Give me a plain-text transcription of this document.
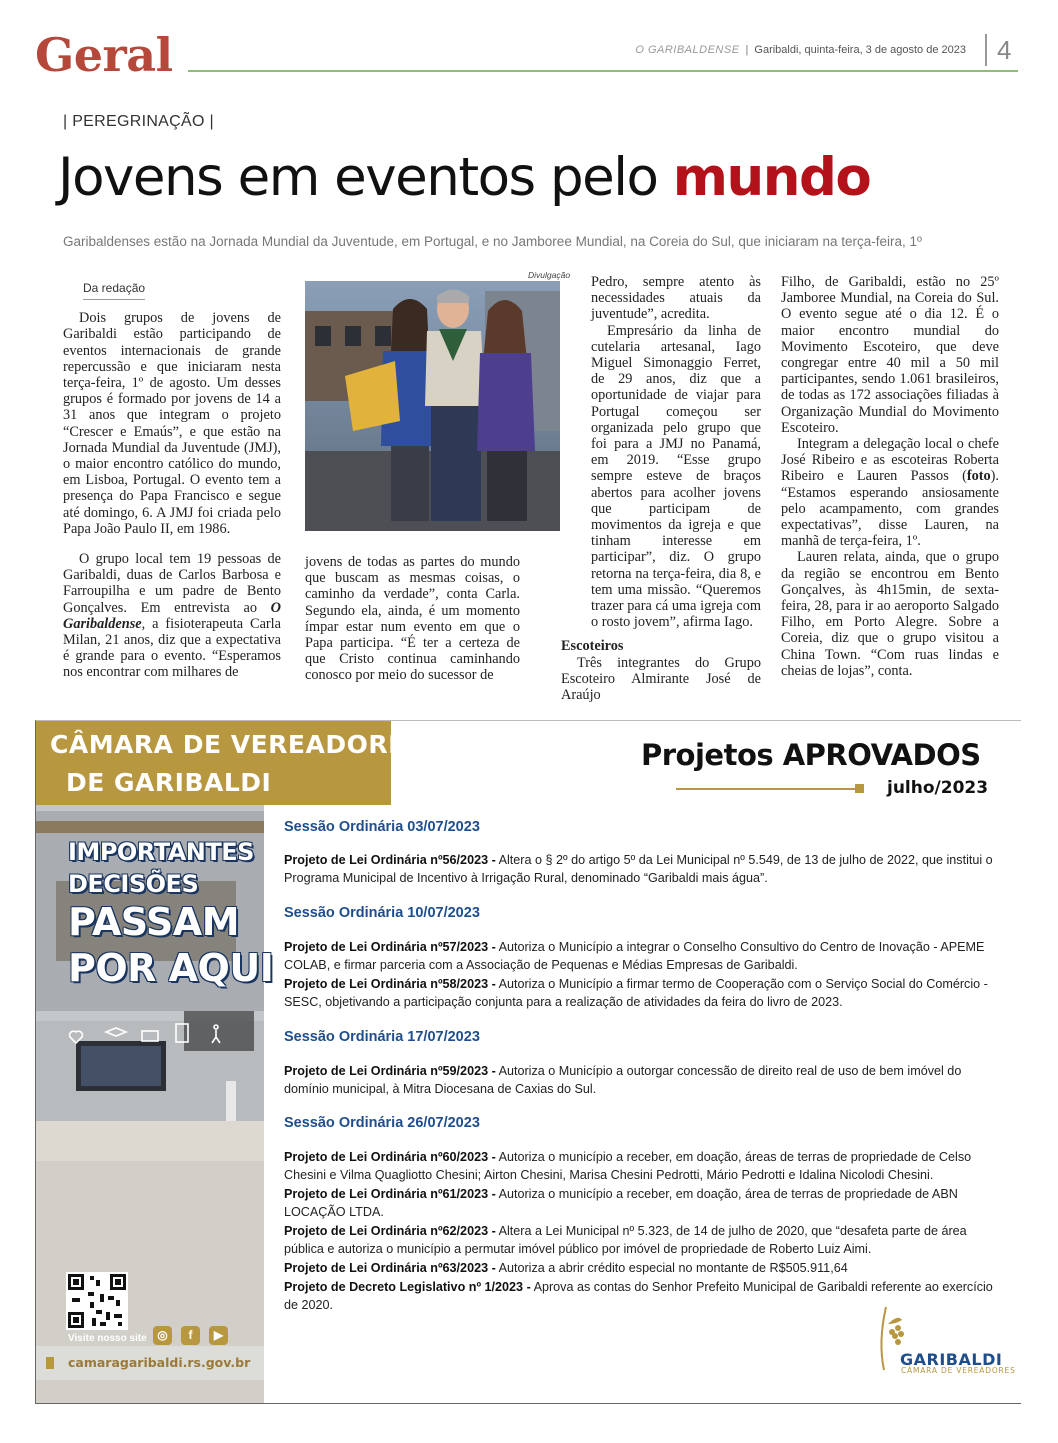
Geral	O GARIBALDENSE | Garibaldi, quinta-feira, 3 de agosto de 2023	4
| PEREGRINAÇÃO |
Jovens em eventos pelo mundo
Garibaldenses estão na Jornada Mundial da Juventude, em Portugal, e no Jamboree Mundial, na Coreia do Sul, que iniciaram na terça-feira, 1º
Da redação

Dois grupos de jovens de Garibaldi estão participando de eventos internacionais de grande repercussão e que iniciaram nesta terça-feira, 1º de agosto. Um desses grupos é formado por jovens de 14 a 31 anos que integram o projeto “Crescer e Emaús”, e que estão na Jornada Mundial da Juventude (JMJ), o maior encontro católico do mundo, em Lisboa, Portugal. O evento tem a presença do Papa Francisco e segue até domingo, 6. A JMJ foi criada pelo Papa João Paulo II, em 1986.

O grupo local tem 19 pessoas de Garibaldi, duas de Carlos Barbosa e Farroupilha e um padre de Bento Gonçalves. Em entrevista ao O Garibaldense, a fisioterapeuta Carla Milan, 21 anos, diz que a expectativa é grande para o evento. “Esperamos nos encontrar com milhares de

Divulgação

jovens de todas as partes do mundo que buscam as mesmas coisas, o caminho da verdade”, conta Carla. Segundo ela, ainda, é um momento ímpar estar num evento em que o Papa participa. “É ter a certeza de que Cristo continua caminhando conosco por meio do sucessor de

Pedro, sempre atento às necessidades atuais da juventude”, acredita.

Empresário da linha de cutelaria artesanal, Iago Miguel Simonaggio Ferret, de 29 anos, diz que a oportunidade de viajar para Portugal começou ser organizada pelo grupo que foi para a JMJ no Panamá, em 2019. “Esse grupo sempre esteve de braços abertos para acolher jovens que participam de movimentos da igreja e que tinham interesse em participar”, diz. O grupo retorna na terça-feira, dia 8, e tem uma missão. “Queremos trazer para cá uma igreja com o rosto jovem”, afirma Iago.

Escoteiros

Três integrantes do Grupo Escoteiro Almirante José de Araújo

Filho, de Garibaldi, estão no 25º Jamboree Mundial, na Coreia do Sul. O evento segue até o dia 12. É o maior encontro mundial do Movimento Escoteiro, que deve congregar entre 40 mil a 50 mil participantes, sendo 1.061 brasileiros, de todas as 172 associações filiadas à Organização Mundial do Movimento Escoteiro.

Integram a delegação local o chefe José Ribeiro e as escoteiras Roberta Ribeiro e Lauren Passos (foto). “Estamos esperando ansiosamente pelo acampamento, com grandes expectativas”, disse Lauren, na manhã de terça-feira, 1º.

Lauren relata, ainda, que o grupo da região se encontrou em Bento Gonçalves, às 4h15min, de sexta-feira, 28, para ir ao aeroporto Salgado Filho, em Porto Alegre. Sobre a Coreia, diz que o grupo visitou a China Town. “Com ruas lindas e cheias de lojas”, conta.

CÂMARA DE VEREADORES
DE GARIBALDI
IMPORTANTES
DECISÕES
PASSAM
POR AQUI
Visite nosso site ◎	f	▶
camaragaribaldi.rs.gov.br
Projetos APROVADOS
julho/2023
Sessão Ordinária 03/07/2023
Projeto de Lei Ordinária nº56/2023 - Altera o § 2º do artigo 5º da Lei Municipal nº 5.549, de 13 de julho de 2022, que institui o Programa Municipal de Incentivo à Irrigação Rural, denominado “Garibaldi mais água”.
Sessão Ordinária 10/07/2023
Projeto de Lei Ordinária nº57/2023 - Autoriza o Município a integrar o Conselho Consultivo do Centro de Inovação - APEME COLAB, e firmar parceria com a Associação de Pequenas e Médias Empresas de Garibaldi.
Projeto de Lei Ordinária nº58/2023 - Autoriza o Município a firmar termo de Cooperação com o Serviço Social do Comércio - SESC, objetivando a participação conjunta para a realização de atividades da feira do livro de 2023.
Sessão Ordinária 17/07/2023
Projeto de Lei Ordinária nº59/2023 - Autoriza o Município a outorgar concessão de direito real de uso de bem imóvel do domínio municipal, à Mitra Diocesana de Caxias do Sul.
Sessão Ordinária 26/07/2023
Projeto de Lei Ordinária nº60/2023 - Autoriza o município a receber, em doação, áreas de terras de propriedade de Celso Chesini e Vilma Quagliotto Chesini; Airton Chesini, Marisa Chesini Pedrotti, Mário Pedrotti e Idalina Nicolodi Chesini.
Projeto de Lei Ordinária nº61/2023 - Autoriza o município a receber, em doação, área de terras de propriedade de ABN LOCAÇÃO LTDA.
Projeto de Lei Ordinária nº62/2023 - Altera a Lei Municipal nº 5.323, de 14 de julho de 2020, que “desafeta parte de área pública e autoriza o município a permutar imóvel público por imóvel de propriedade de Roberto Luiz Aimi.
Projeto de Lei Ordinária nº63/2023 - Autoriza a abrir crédito especial no montante de R$505.911,64
Projeto de Decreto Legislativo nº 1/2023 - Aprova as contas do Senhor Prefeito Municipal de Garibaldi referente ao exercício de 2020.
GARIBALDI
CÂMARA DE VEREADORES
